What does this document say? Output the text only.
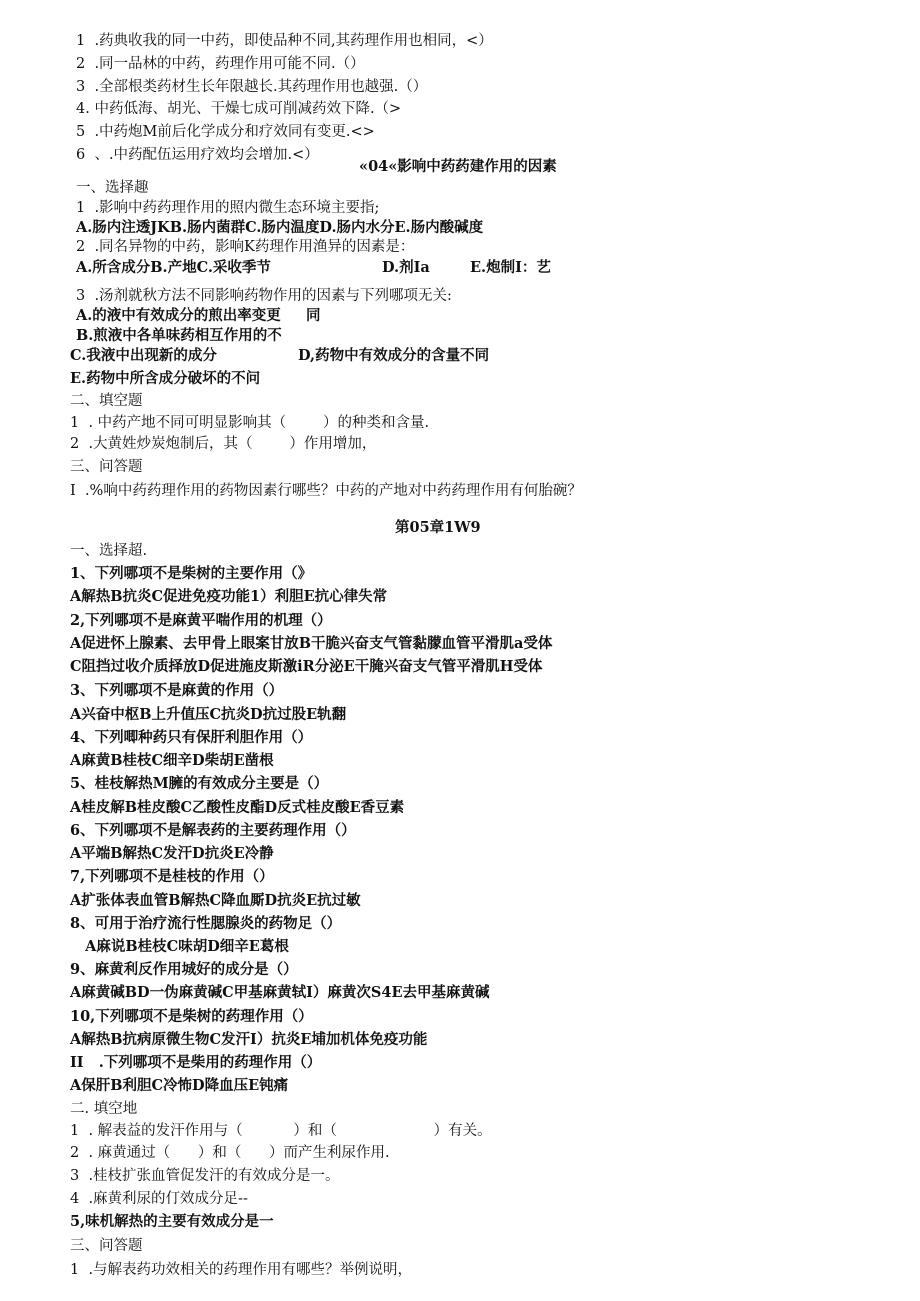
1  .药典收我的同一中药，即使品种不同,其药理作用也相同，<）
2  .同一品林的中药，药理作用可能不同.（）
3  .全部根类药材生长年限越长.其药理作用也越强.（）
4. 中药低海、胡光、干燥七成可削减药效下降.（>
5  .中药炮M前后化学成分和疗效同有变更.<>
6  、.中药配伍运用疗效均会增加.<）
«04«影响中药药建作用的因素
一、选择趣
1  .影响中药药理作用的照内微生态环境主要指;
A.肠内注透JKB.肠内菌群C.肠内温度D.肠内水分E.肠内酸碱度
2  .同名异物的中药，影响K药理作用渔异的因素是：
A.所含成分B.产地C.采收季节	D.剂Ia	E.炮制I：艺
3  .汤剂就秋方法不同影响药物作用的因素与下列哪项无关:
A.的液中有效成分的煎出率变更     同
B.煎液中各单味药相互作用的不
C.我液中出现新的成分	D,药物中有效成分的含量不同
E.药物中所含成分破坏的不问
二、填空题
1  . 中药产地不同可明显影响其（        ）的种类和含量.
2  .大黄姓炒炭炮制后，其（        ）作用增加，
三、问答题
I  .%响中药药理作用的药物因素行哪些？中药的产地对中药药理作用有何胎碗？
第05章1W9
一、选择超.
1、下列哪项不是柴树的主要作用（》
A解热B抗炎C促进免疫功能1）利胆E抗心律失常
2,下列哪项不是麻黄平喘作用的机理（）
A促进怀上腺素、去甲骨上眼案甘放B干脆兴奋支气管黏朦血管平滑肌a受体
C阻挡过收介质择放D促进施皮斯激iR分泌E干腌兴奋支气管平滑肌H受体
3、下列哪项不是麻黄的作用（）
A兴奋中枢B上升值压C抗炎D抗过股E轨翻
4、下列唧种药只有保肝利胆作用（）
A麻黄B桂枝C细辛D柴胡E凿根
5、桂枝解热M臃的有效成分主要是（）
A桂皮解B桂皮酸C乙酸性皮酯D反式桂皮酸E香豆素
6、下列哪项不是解表药的主要药理作用（）
A平端B解热C发汗D抗炎E冷静
7,下列哪项不是桂枝的作用（）
A扩张体表血管B解热C降血厮D抗炎E抗过敏
8、可用于治疗流行性腮腺炎的药物足（）
A麻说B桂枝C味胡D细辛E葛根
9、麻黄利反作用城好的成分是（）
A麻黄碱BD一伪麻黄碱C甲基麻黄轼I）麻黄次S4E去甲基麻黄碱
10,下列哪项不是柴树的药理作用（）
A解热B抗病原微生物C发汗I）抗炎E埔加机体免疫功能
II   .下列哪项不是柴用的药理作用（）
A保肝B利胆C冷怖D降血压E钝痛
二. 填空地
1  . 解表益的发汗作用与（           ）和（                     ）有关。
2  . 麻黄通过（      ）和（      ）而产生利尿作用.
3  .桂枝扩张血管促发汗的有效成分是一。
4  .麻黄利尿的仃效成分足--
5,味机解热的主要有效成分是一
三、问答题
1  .与解表药功效相关的药理作用有哪些？举例说明，
